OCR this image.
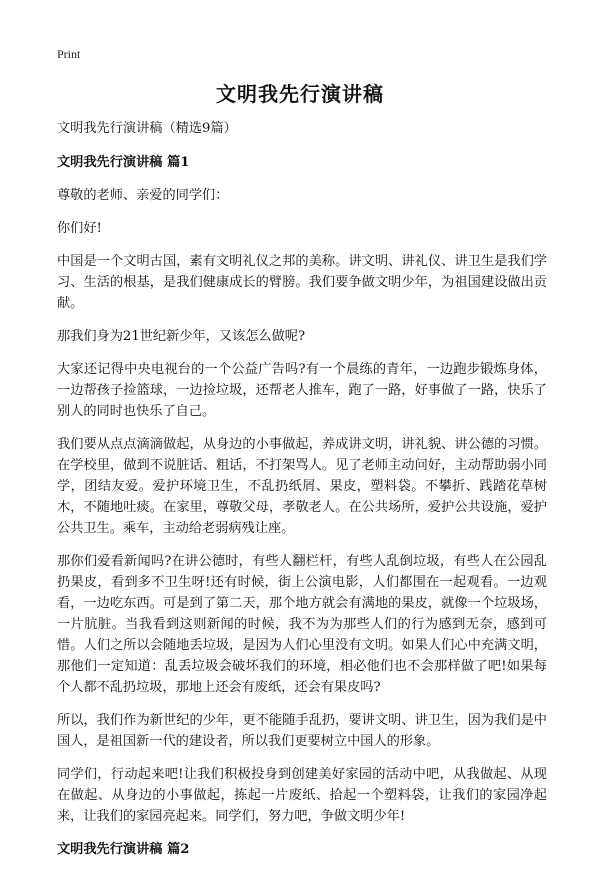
Print
文明我先行演讲稿
文明我先行演讲稿（精选9篇）
文明我先行演讲稿 篇1
尊敬的老师、亲爱的同学们：
你们好!
中国是一个文明古国，素有文明礼仪之邦的美称。讲文明、讲礼仪、讲卫生是我们学习、生活的根基，是我们健康成长的臂膀。我们要争做文明少年，为祖国建设做出贡献。
那我们身为21世纪新少年，又该怎么做呢?
大家还记得中央电视台的一个公益广告吗?有一个晨练的青年，一边跑步锻炼身体，一边帮孩子捡篮球，一边捡垃圾，还帮老人推车，跑了一路，好事做了一路，快乐了别人的同时也快乐了自己。
我们要从点点滴滴做起，从身边的小事做起，养成讲文明，讲礼貌、讲公德的习惯。在学校里，做到不说脏话、粗话，不打架骂人。见了老师主动问好，主动帮助弱小同学，团结友爱。爱护环境卫生，不乱扔纸屑、果皮，塑料袋。不攀折、践踏花草树木，不随地吐痰。在家里，尊敬父母，孝敬老人。在公共场所，爱护公共设施，爱护公共卫生。乘车，主动给老弱病残让座。
那你们爱看新闻吗?在讲公德时，有些人翻栏杆，有些人乱倒垃圾，有些人在公园乱扔果皮，看到多不卫生呀!还有时候，街上公演电影，人们都围在一起观看。一边观看，一边吃东西。可是到了第二天，那个地方就会有满地的果皮，就像一个垃圾场，一片肮脏。当我看到这则新闻的时候，我不为为那些人们的行为感到无奈，感到可惜。人们之所以会随地丢垃圾，是因为人们心里没有文明。如果人们心中充满文明，那他们一定知道：乱丢垃圾会破坏我们的环境，相必他们也不会那样做了吧!如果每个人都不乱扔垃圾，那地上还会有废纸，还会有果皮吗?
所以，我们作为新世纪的少年，更不能随手乱扔，要讲文明、讲卫生，因为我们是中国人，是祖国新一代的建设者，所以我们更要树立中国人的形象。
同学们，行动起来吧!让我们积极投身到创建美好家园的活动中吧，从我做起、从现在做起、从身边的小事做起，拣起一片废纸、拾起一个塑料袋，让我们的家园净起来，让我们的家园亮起来。同学们，努力吧，争做文明少年!
文明我先行演讲稿 篇2
